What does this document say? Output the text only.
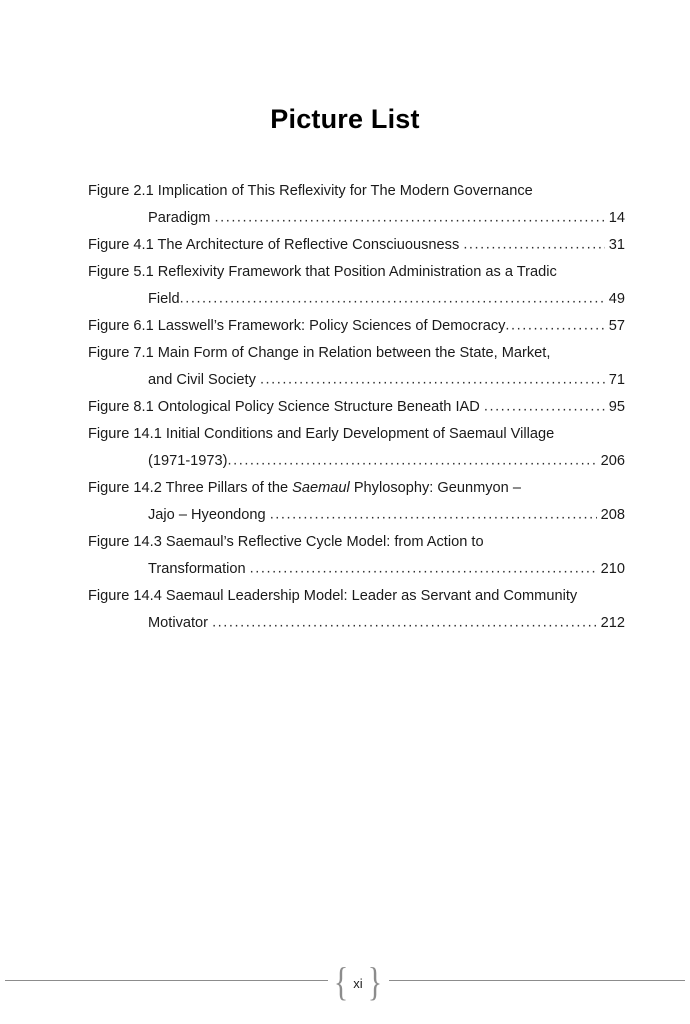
Picture List
Figure 2.1 Implication of This Reflexivity for The Modern Governance
Paradigm .....	14
Figure 4.1 The Architecture of Reflective Consciuousness .....	31
Figure 5.1 Reflexivity Framework that Position Administration as a Tradic
Field .....	49
Figure 6.1 Lasswell’s Framework: Policy Sciences of Democracy .....	57
Figure 7.1 Main Form of Change in Relation between the State, Market,
and Civil Society .....	71
Figure 8.1 Ontological Policy Science Structure Beneath IAD .....	95
Figure 14.1 Initial Conditions and Early Development of Saemaul Village
(1971-1973) .....	206
Figure 14.2 Three Pillars of the Saemaul Phylosophy: Geunmyon –
Jajo – Hyeondong .....	208
Figure 14.3 Saemaul’s Reflective Cycle Model: from Action to
Transformation .....	210
Figure 14.4 Saemaul Leadership Model: Leader as Servant and Community
Motivator .....	212
{ xi }
